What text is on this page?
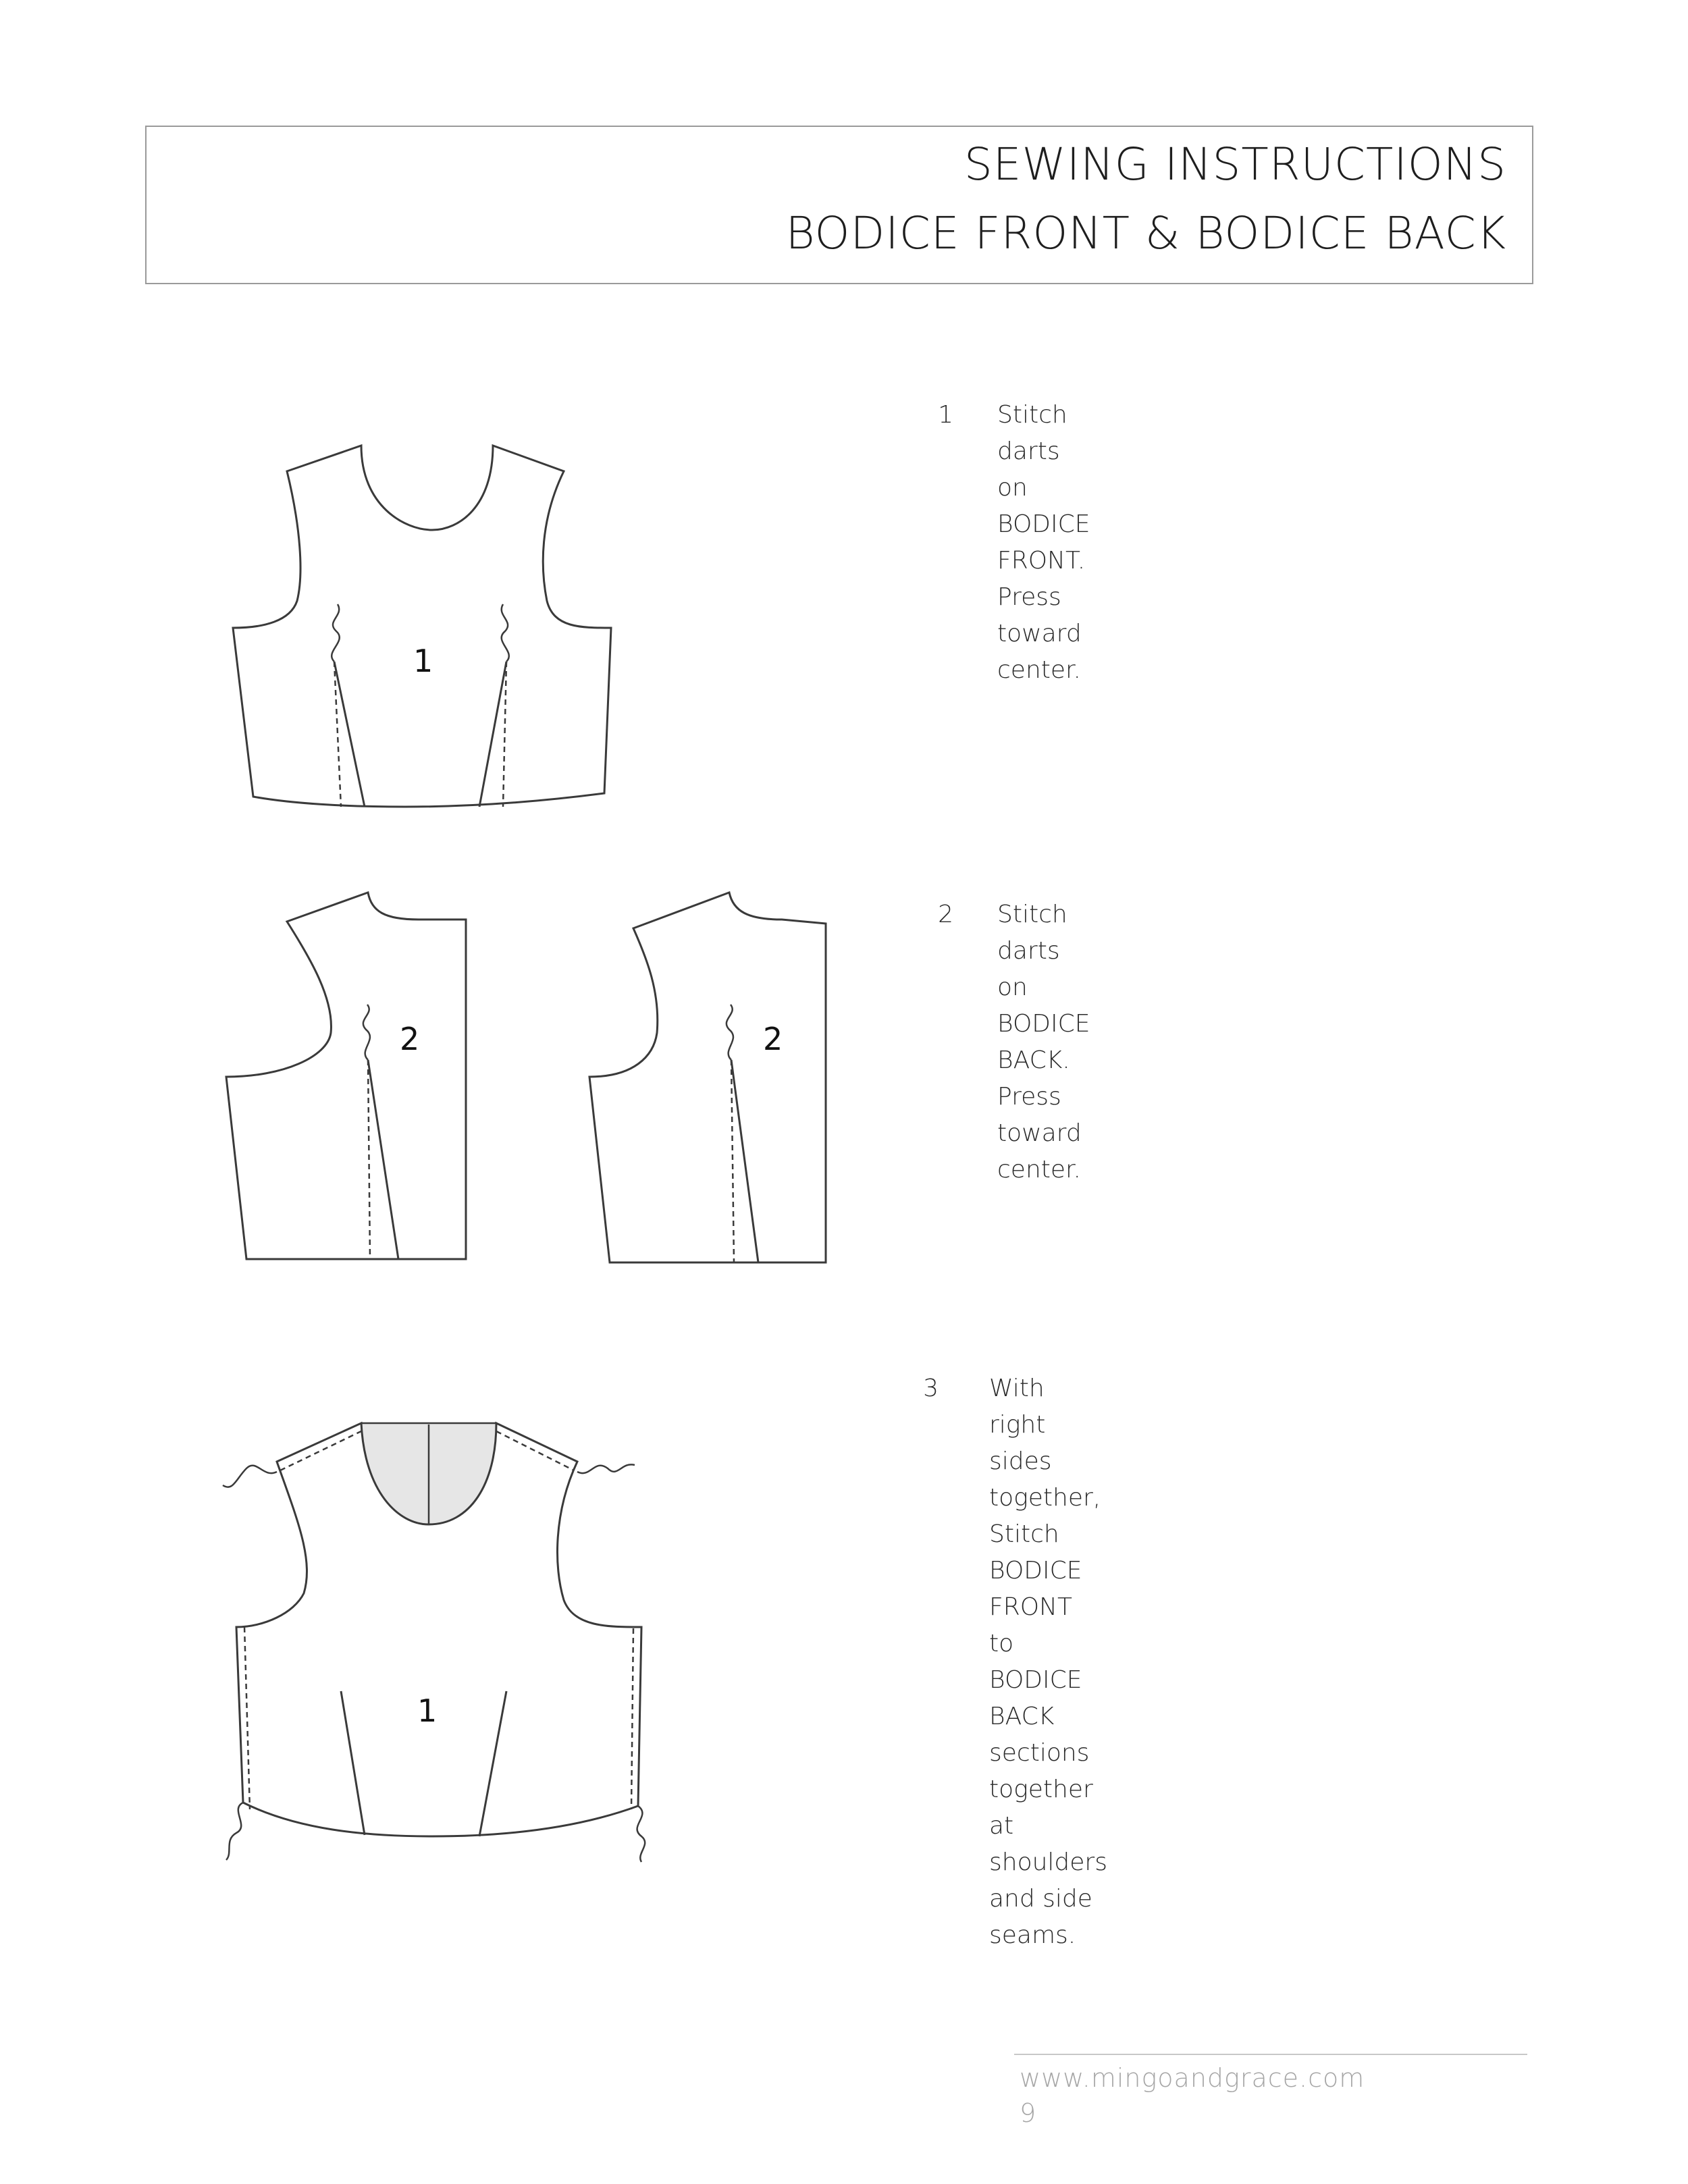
SEWING INSTRUCTIONS
BODICE FRONT & BODICE BACK
1 Stitch darts on BODICE FRONT. Press toward
center.
2 Stitch darts on BODICE BACK. Press toward
center.
3 With right sides together, Stitch BODICE FRONT
to BODICE BACK sections together at shoulders
and side seams.
1
2	2
1
www.mingoandgrace.com
9
